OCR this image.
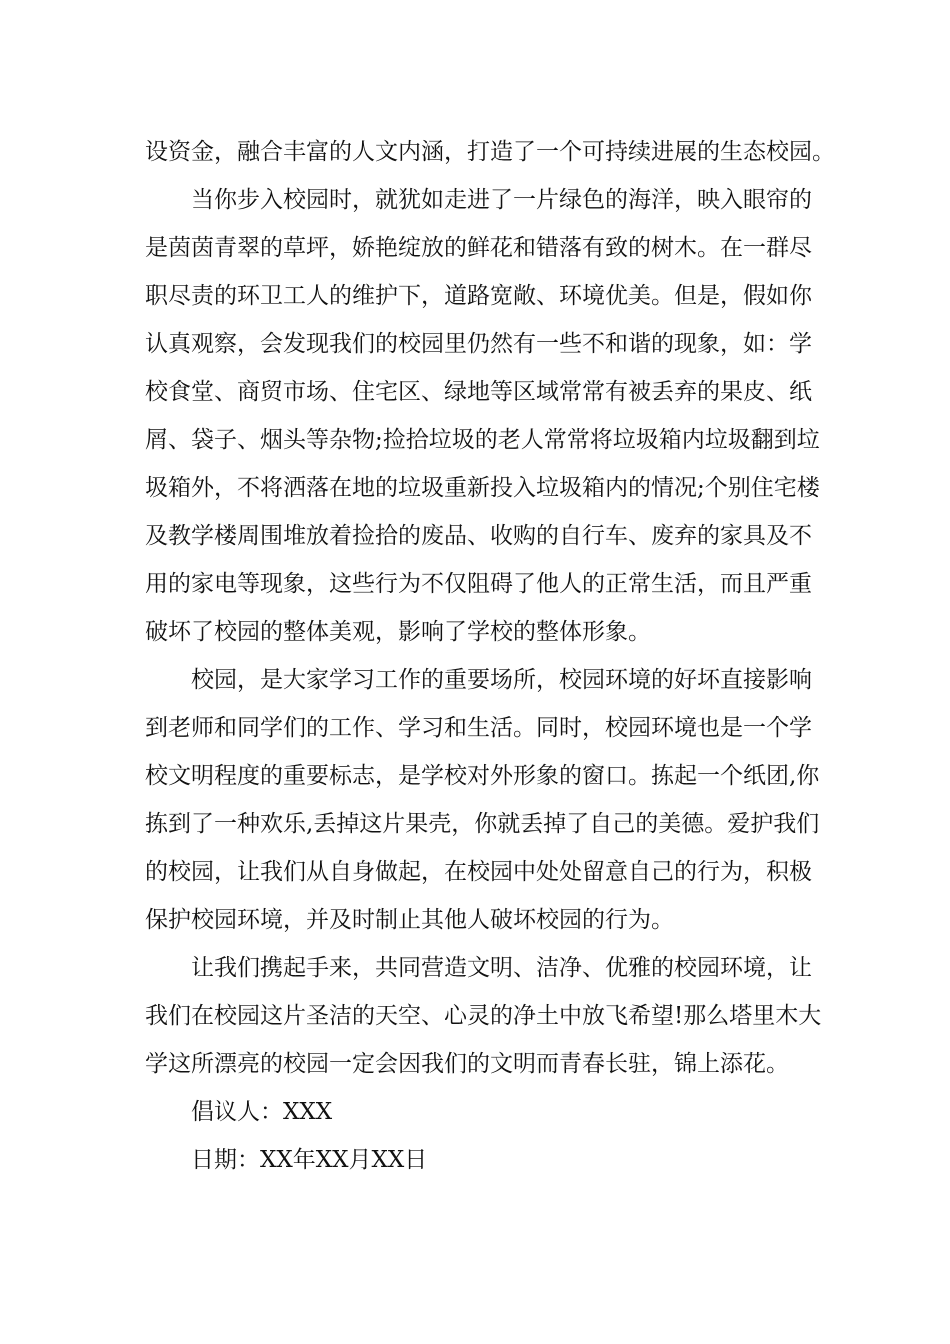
设资金，融合丰富的人文内涵，打造了一个可持续进展的生态校园。
当你步入校园时，就犹如走进了一片绿色的海洋，映入眼帘的
是茵茵青翠的草坪，娇艳绽放的鲜花和错落有致的树木。在一群尽
职尽责的环卫工人的维护下，道路宽敞、环境优美。但是，假如你
认真观察，会发现我们的校园里仍然有一些不和谐的现象，如：学
校食堂、商贸市场、住宅区、绿地等区域常常有被丢弃的果皮、纸
屑、袋子、烟头等杂物;捡拾垃圾的老人常常将垃圾箱内垃圾翻到垃
圾箱外，不将洒落在地的垃圾重新投入垃圾箱内的情况;个别住宅楼
及教学楼周围堆放着捡拾的废品、收购的自行车、废弃的家具及不
用的家电等现象，这些行为不仅阻碍了他人的正常生活，而且严重
破坏了校园的整体美观，影响了学校的整体形象。
校园，是大家学习工作的重要场所，校园环境的好坏直接影响
到老师和同学们的工作、学习和生活。同时，校园环境也是一个学
校文明程度的重要标志，是学校对外形象的窗口。拣起一个纸团,你
拣到了一种欢乐,丢掉这片果壳，你就丢掉了自己的美德。爱护我们
的校园，让我们从自身做起，在校园中处处留意自己的行为，积极
保护校园环境，并及时制止其他人破坏校园的行为。
让我们携起手来，共同营造文明、洁净、优雅的校园环境，让
我们在校园这片圣洁的天空、心灵的净土中放飞希望!那么塔里木大
学这所漂亮的校园一定会因我们的文明而青春长驻，锦上添花。
倡议人：XXX
日期：XX年XX月XX日
